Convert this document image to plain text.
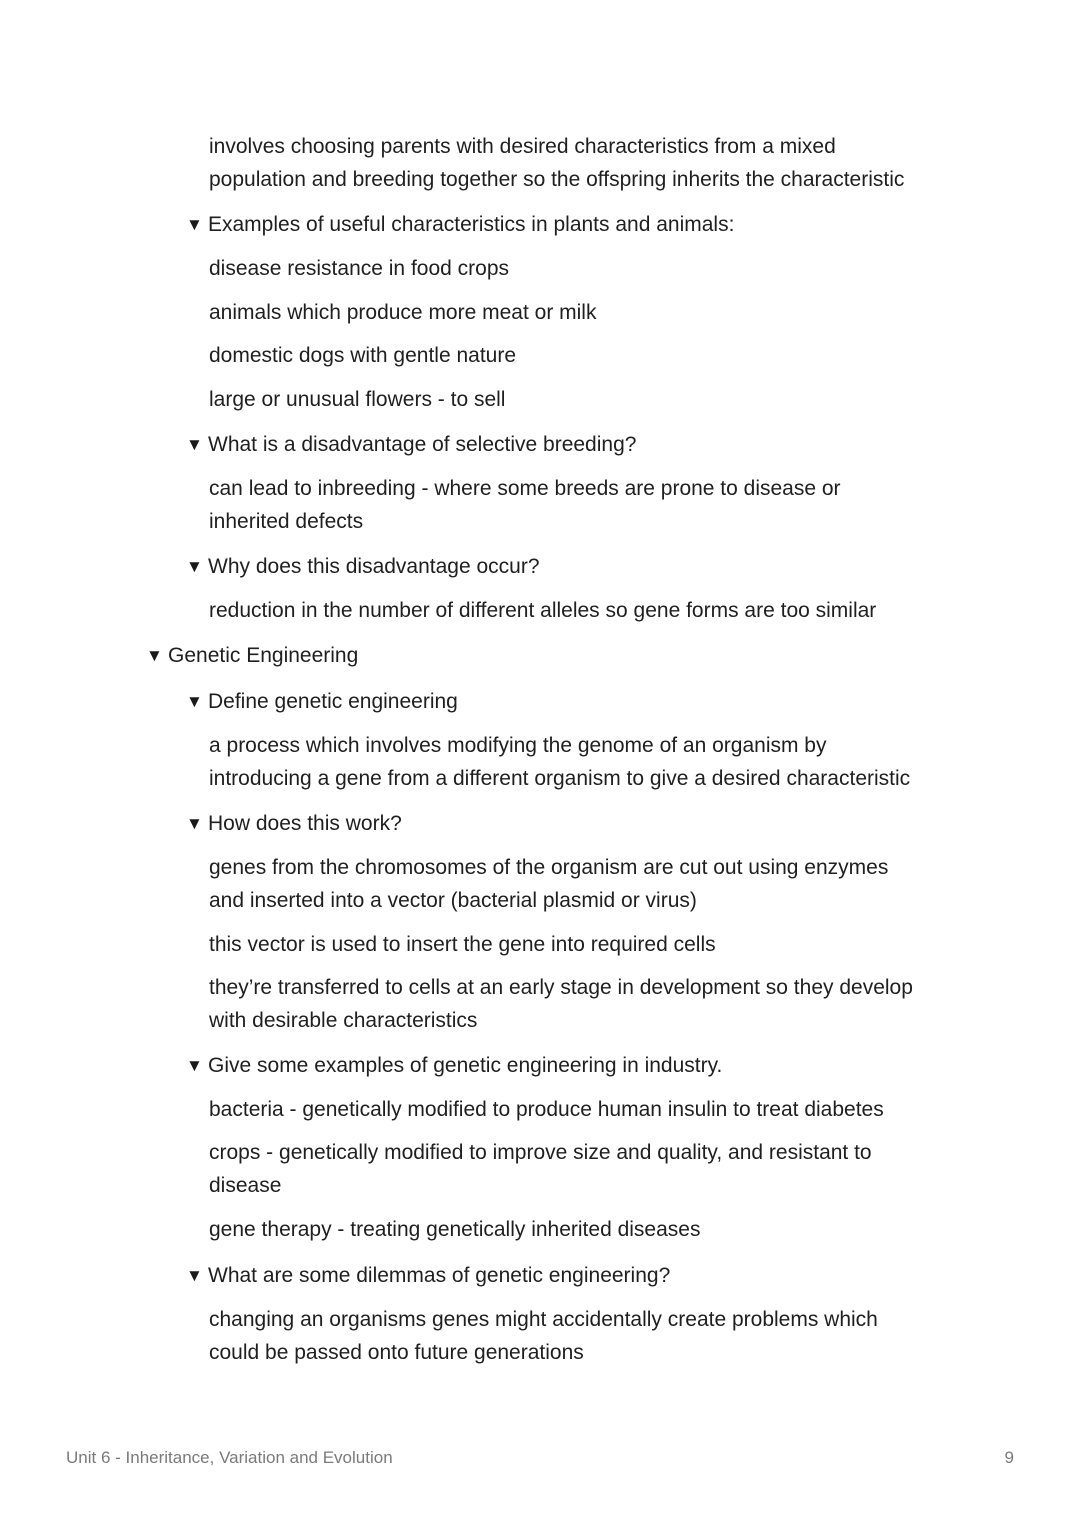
involves choosing parents with desired characteristics from a mixed
population and breeding together so the offspring inherits the characteristic
▼ Examples of useful characteristics in plants and animals:
disease resistance in food crops
animals which produce more meat or milk
domestic dogs with gentle nature
large or unusual flowers - to sell
▼ What is a disadvantage of selective breeding?
can lead to inbreeding - where some breeds are prone to disease or
inherited defects
▼ Why does this disadvantage occur?
reduction in the number of different alleles so gene forms are too similar
▼ Genetic Engineering
▼ Define genetic engineering
a process which involves modifying the genome of an organism by
introducing a gene from a different organism to give a desired characteristic
▼ How does this work?
genes from the chromosomes of the organism are cut out using enzymes
and inserted into a vector (bacterial plasmid or virus)
this vector is used to insert the gene into required cells
they’re transferred to cells at an early stage in development so they develop
with desirable characteristics
▼ Give some examples of genetic engineering in industry.
bacteria - genetically modified to produce human insulin to treat diabetes
crops - genetically modified to improve size and quality, and resistant to
disease
gene therapy - treating genetically inherited diseases
▼ What are some dilemmas of genetic engineering?
changing an organisms genes might accidentally create problems which
could be passed onto future generations
Unit 6 - Inheritance, Variation and Evolution	9
